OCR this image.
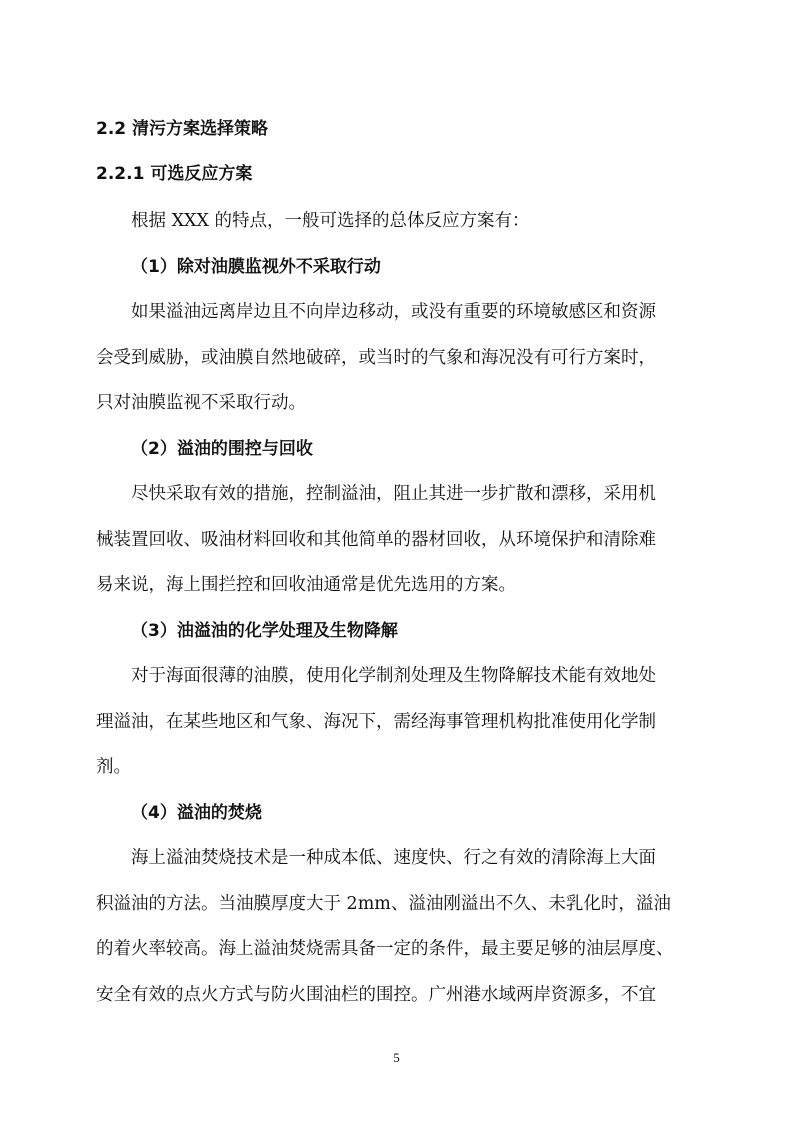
2.2 清污方案选择策略
2.2.1 可选反应方案
根据 XXX 的特点，一般可选择的总体反应方案有：
（1）除对油膜监视外不采取行动
如果溢油远离岸边且不向岸边移动，或没有重要的环境敏感区和资源
会受到威胁，或油膜自然地破碎，或当时的气象和海况没有可行方案时，
只对油膜监视不采取行动。
（2）溢油的围控与回收
尽快采取有效的措施，控制溢油，阻止其进一步扩散和漂移，采用机
械装置回收、吸油材料回收和其他简单的器材回收，从环境保护和清除难
易来说，海上围拦控和回收油通常是优先选用的方案。
（3）油溢油的化学处理及生物降解
对于海面很薄的油膜，使用化学制剂处理及生物降解技术能有效地处
理溢油，在某些地区和气象、海况下，需经海事管理机构批准使用化学制
剂。
（4）溢油的焚烧
海上溢油焚烧技术是一种成本低、速度快、行之有效的清除海上大面
积溢油的方法。当油膜厚度大于 2mm、溢油刚溢出不久、未乳化时，溢油
的着火率较高。海上溢油焚烧需具备一定的条件，最主要足够的油层厚度、
安全有效的点火方式与防火围油栏的围控。广州港水域两岸资源多，不宜
5
